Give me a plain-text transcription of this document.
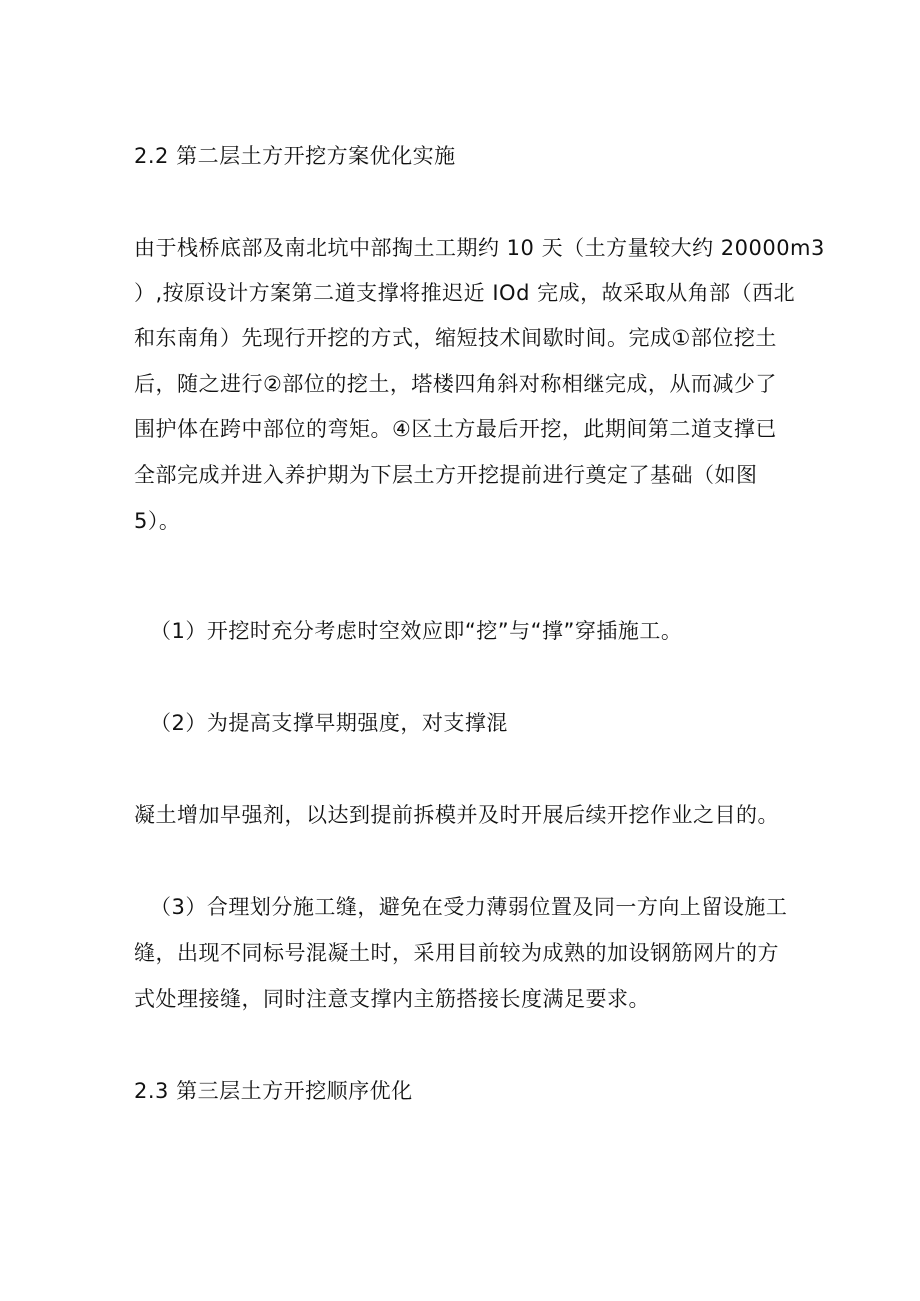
2.2 第二层土方开挖方案优化实施
由于栈桥底部及南北坑中部掏土工期约 10 天（土方量较大约 20000m3
）,按原设计方案第二道支撑将推迟近 IOd 完成，故采取从角部（西北
和东南角）先现行开挖的方式，缩短技术间歇时间。完成①部位挖土
后，随之进行②部位的挖土，塔楼四角斜对称相继完成，从而减少了
围护体在跨中部位的弯矩。④区土方最后开挖，此期间第二道支撑已
全部完成并进入养护期为下层土方开挖提前进行奠定了基础（如图
5）。
（1）开挖时充分考虑时空效应即“挖”与“撑”穿插施工。
（2）为提高支撑早期强度，对支撑混
凝土增加早强剂，以达到提前拆模并及时开展后续开挖作业之目的。
（3）合理划分施工缝，避免在受力薄弱位置及同一方向上留设施工
缝，出现不同标号混凝土时，采用目前较为成熟的加设钢筋网片的方
式处理接缝，同时注意支撑内主筋搭接长度满足要求。
2.3 第三层土方开挖顺序优化
